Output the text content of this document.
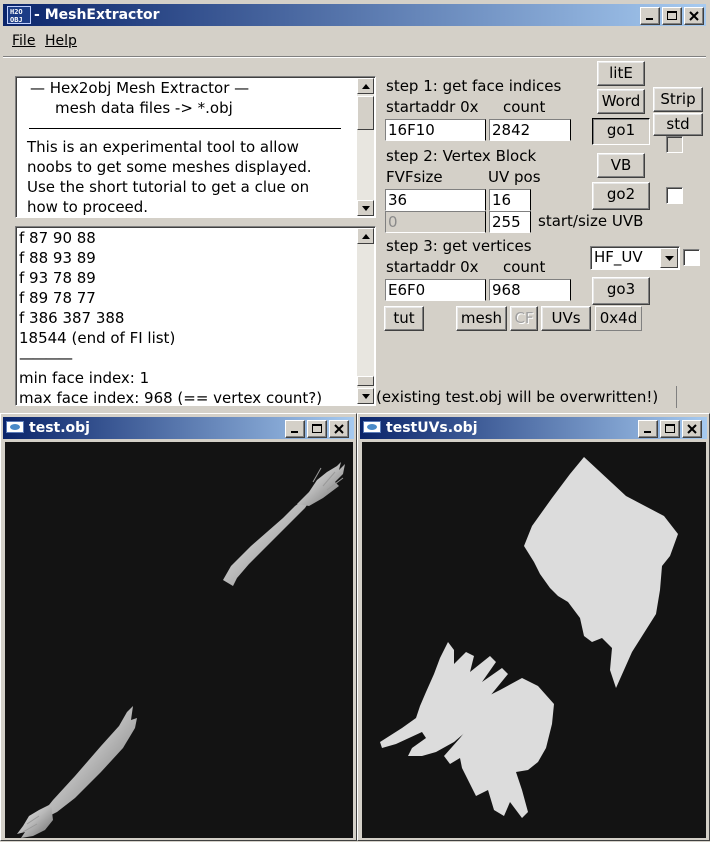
H2O OBJ - MeshExtractor
File Help
— Hex2obj Mesh Extractor —
mesh data files -> *.obj
This is an experimental tool to allow
noobs to get some meshes displayed.
Use the short tutorial to get a clue on
how to proceed.
f 87 90 88
f 88 93 89
f 93 78 89
f 89 78 77
f 386 387 388
18544 (end of FI list)
————
min face index: 1
max face index: 968 (== vertex count?)
step 1: get face indices
startaddr 0x count
16F10	2842
step 2: Vertex Block
FVFsize	UV pos
36	16
0	255	start/size UVB
step 3: get vertices
startaddr 0x count
E6F0	968
litE
Word	Strip
std
go1
VB
go2
HF_UV
go3
tut	mesh CF	UVs	0x4d
(existing test.obj will be overwritten!)
test.obj	testUVs.obj
